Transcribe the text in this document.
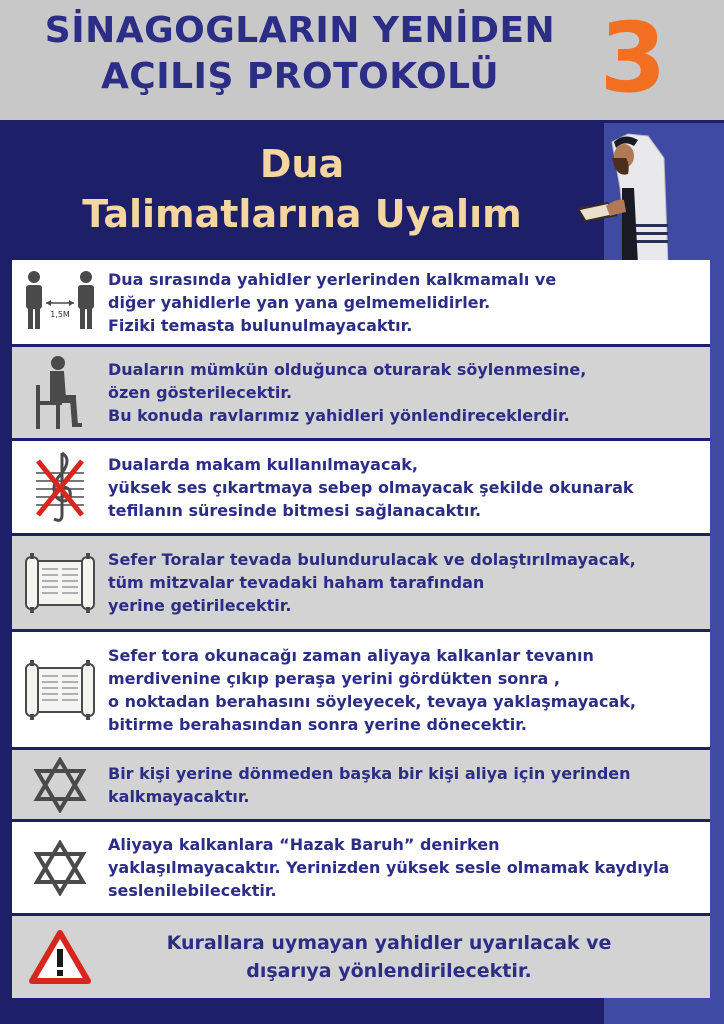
SİNAGOGLARIN YENİDEN
AÇILIŞ PROTOKOLÜ	3
Dua
Talimatlarına Uyalım
1,5M
Dua sırasında yahidler yerlerinden kalkmamalı ve
diğer yahidlerle yan yana gelmemelidirler.
Fiziki temasta bulunulmayacaktır.
Duaların mümkün olduğunca oturarak söylenmesine,
özen gösterilecektir.
Bu konuda ravlarımız yahidleri yönlendireceklerdir.
Dualarda makam kullanılmayacak,
yüksek ses çıkartmaya sebep olmayacak şekilde okunarak
tefilanın süresinde bitmesi sağlanacaktır.
Sefer Toralar tevada bulundurulacak ve dolaştırılmayacak,
tüm mitzvalar tevadaki haham tarafından
yerine getirilecektir.
Sefer tora okunacağı zaman aliyaya kalkanlar tevanın
merdivenine çıkıp peraşa yerini gördükten sonra ,
o noktadan berahasını söyleyecek, tevaya yaklaşmayacak,
bitirme berahasından sonra yerine dönecektir.
Bir kişi yerine dönmeden başka bir kişi aliya için yerinden
kalkmayacaktır.
Aliyaya kalkanlara “Hazak Baruh” denirken
yaklaşılmayacaktır. Yerinizden yüksek sesle olmamak kaydıyla
seslenilebilecektir.
Kurallara uymayan yahidler uyarılacak ve
dışarıya yönlendirilecektir.
